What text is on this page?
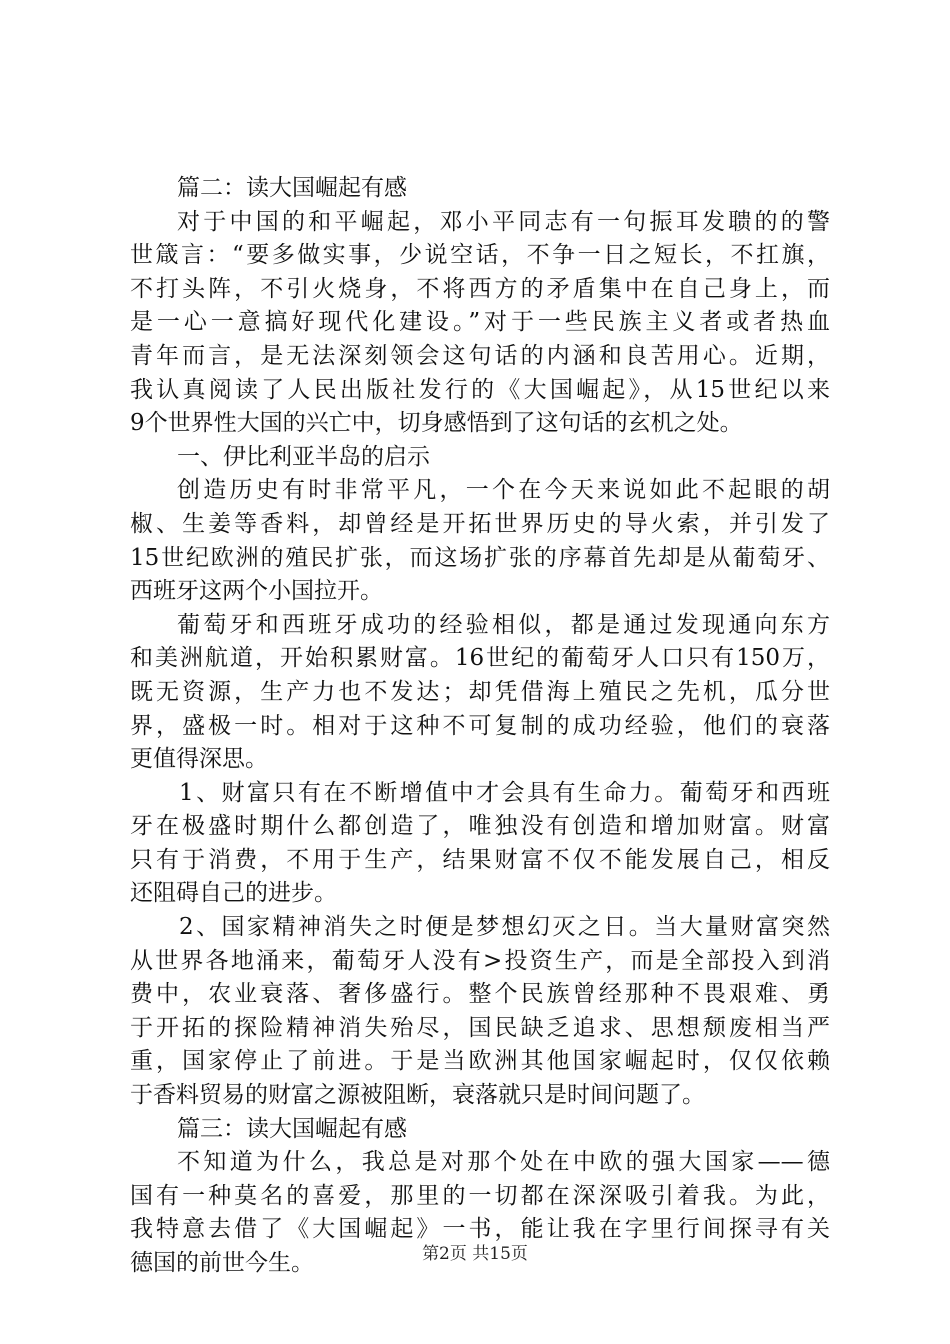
篇二：读大国崛起有感
对于中国的和平崛起，邓小平同志有一句振耳发聩的的警
世箴言：“要多做实事，少说空话，不争一日之短长，不扛旗，
不打头阵，不引火烧身，不将西方的矛盾集中在自己身上，而
是一心一意搞好现代化建设。”对于一些民族主义者或者热血
青年而言，是无法深刻领会这句话的内涵和良苦用心。近期，
我认真阅读了人民出版社发行的《大国崛起》，从15世纪以来
9个世界性大国的兴亡中，切身感悟到了这句话的玄机之处。
一、伊比利亚半岛的启示
创造历史有时非常平凡，一个在今天来说如此不起眼的胡
椒、生姜等香料，却曾经是开拓世界历史的导火索，并引发了
15世纪欧洲的殖民扩张，而这场扩张的序幕首先却是从葡萄牙、
西班牙这两个小国拉开。
葡萄牙和西班牙成功的经验相似，都是通过发现通向东方
和美洲航道，开始积累财富。16世纪的葡萄牙人口只有150万，
既无资源，生产力也不发达；却凭借海上殖民之先机，瓜分世
界，盛极一时。相对于这种不可复制的成功经验，他们的衰落
更值得深思。
1、财富只有在不断增值中才会具有生命力。葡萄牙和西班
牙在极盛时期什么都创造了，唯独没有创造和增加财富。财富
只有于消费，不用于生产，结果财富不仅不能发展自己，相反
还阻碍自己的进步。
2、国家精神消失之时便是梦想幻灭之日。当大量财富突然
从世界各地涌来，葡萄牙人没有>投资生产，而是全部投入到消
费中，农业衰落、奢侈盛行。整个民族曾经那种不畏艰难、勇
于开拓的探险精神消失殆尽，国民缺乏追求、思想颓废相当严
重，国家停止了前进。于是当欧洲其他国家崛起时，仅仅依赖
于香料贸易的财富之源被阻断，衰落就只是时间问题了。
篇三：读大国崛起有感
不知道为什么，我总是对那个处在中欧的强大国家——德
国有一种莫名的喜爱，那里的一切都在深深吸引着我。为此，
我特意去借了《大国崛起》一书，能让我在字里行间探寻有关
德国的前世今生。	第2页 共15页
